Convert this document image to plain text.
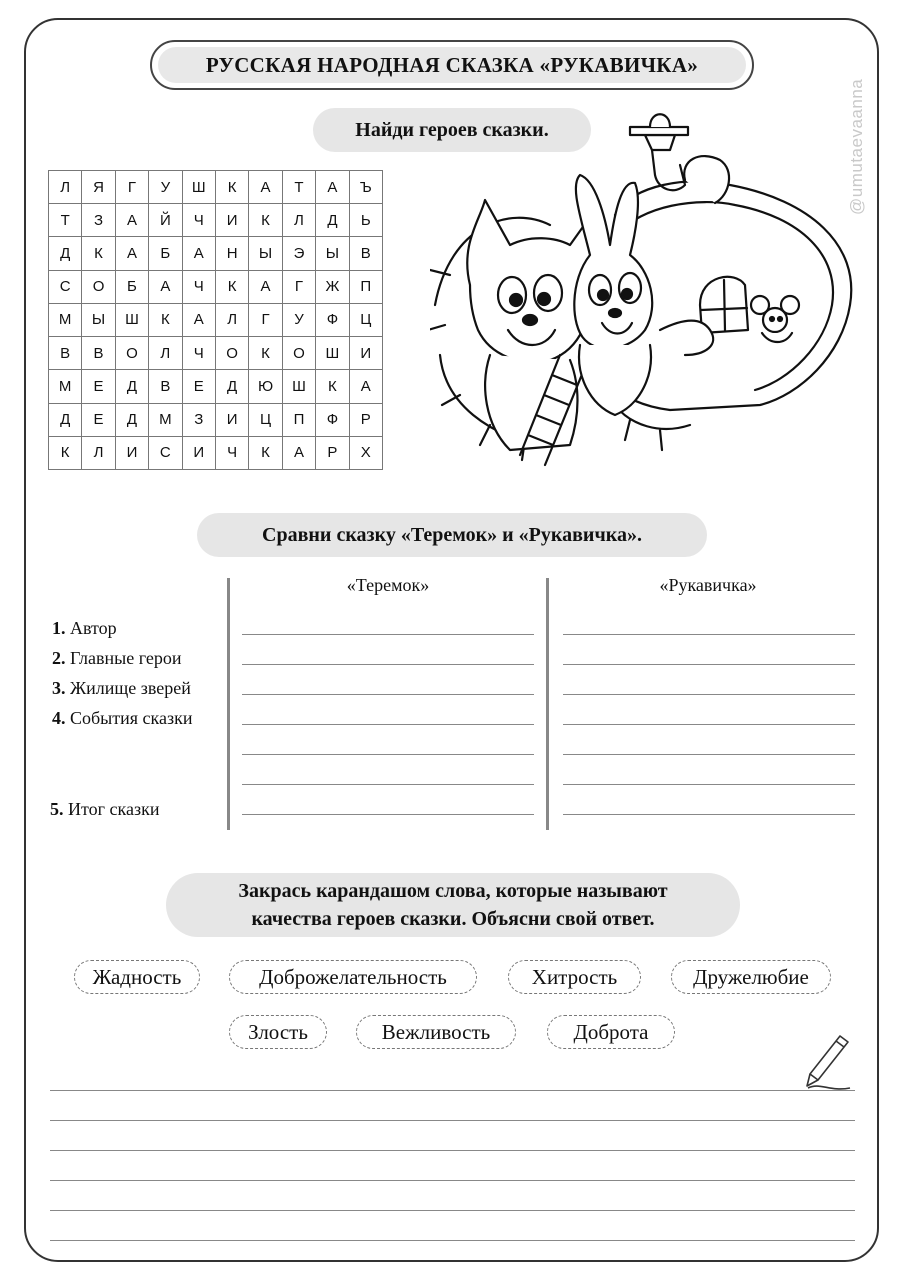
@umutaevaanna
РУССКАЯ НАРОДНАЯ СКАЗКА «РУКАВИЧКА»
Найди героев сказки.
Л	Я	Г	У	Ш	К	А	Т	А	Ъ
Т	З	А	Й	Ч	И	К	Л	Д	Ь
Д	К	А	Б	А	Н	Ы	Э	Ы	В
С	О	Б	А	Ч	К	А	Г	Ж	П
М	Ы	Ш	К	А	Л	Г	У	Ф	Ц
В	В	О	Л	Ч	О	К	О	Ш	И
М	Е	Д	В	Е	Д	Ю	Ш	К	А
Д	Е	Д	М	З	И	Ц	П	Ф	Р
К	Л	И	С	И	Ч	К	А	Р	Х
Сравни сказку «Теремок» и «Рукавичка».
«Теремок»	«Рукавичка»
1. Автор
2. Главные герои
3. Жилище зверей
4. События сказки
5. Итог сказки
Закрась карандашом слова, которые называют
качества героев сказки. Объясни свой ответ.
Жадность	Доброжелательность	Хитрость	Дружелюбие
Злость	Вежливость	Доброта
